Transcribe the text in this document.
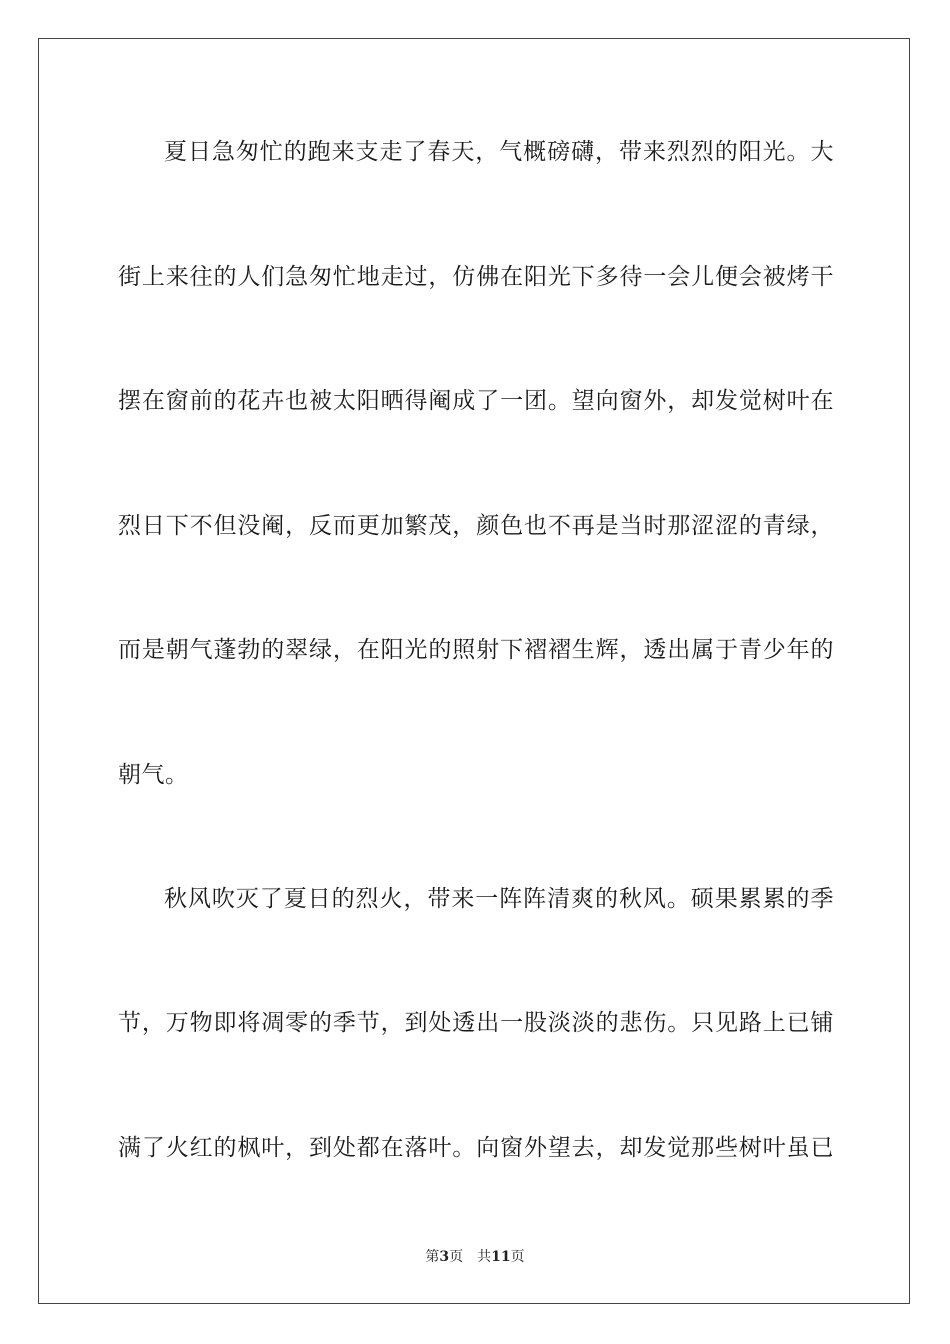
夏日急匆忙的跑来支走了春天，气概磅礴，带来烈烈的阳光。大
街上来往的人们急匆忙地走过，仿佛在阳光下多待一会儿便会被烤干
摆在窗前的花卉也被太阳晒得阉成了一团。望向窗外，却发觉树叶在
烈日下不但没阉，反而更加繁茂，颜色也不再是当时那涩涩的青绿，
而是朝气蓬勃的翠绿，在阳光的照射下褶褶生辉，透出属于青少年的
朝气。
秋风吹灭了夏日的烈火，带来一阵阵清爽的秋风。硕果累累的季
节，万物即将凋零的季节，到处透出一股淡淡的悲伤。只见路上已铺
满了火红的枫叶，到处都在落叶。向窗外望去，却发觉那些树叶虽已
第3页 共11页
